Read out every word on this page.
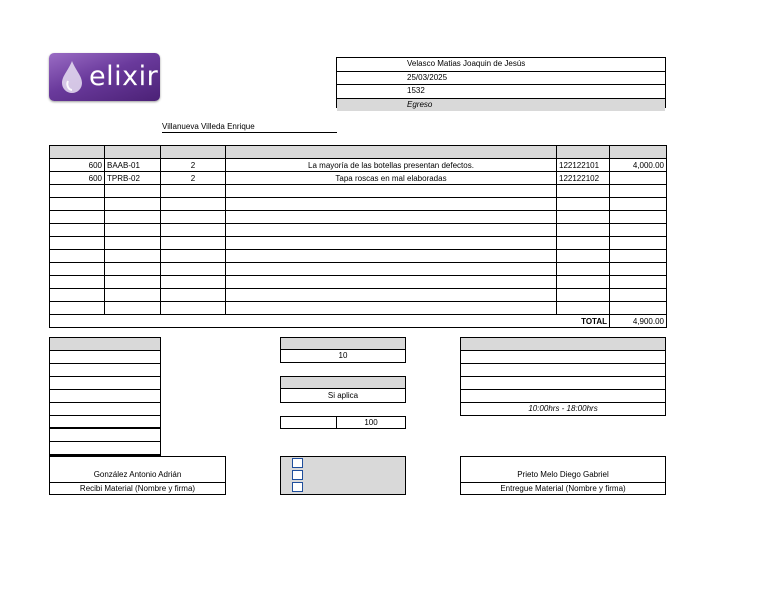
elixir	Velasco Matias Joaquin de Jesús
25/03/2025
1532
Egreso
Villanueva Villeda Enrique

600	BAAB-01	2	La mayoría de las botellas presentan defectos.	122122101	4,000.00
600	TPRB-02	2	Tapa roscas en mal elaboradas	122122102	

TOTAL					4,900.00
10
Si aplica
100
10:00hrs - 18:00hrs
González Antonio Adrián
Recibi Material (Nombre y firma)
Prieto Melo Diego Gabriel
Entregue Material (Nombre y firma)
